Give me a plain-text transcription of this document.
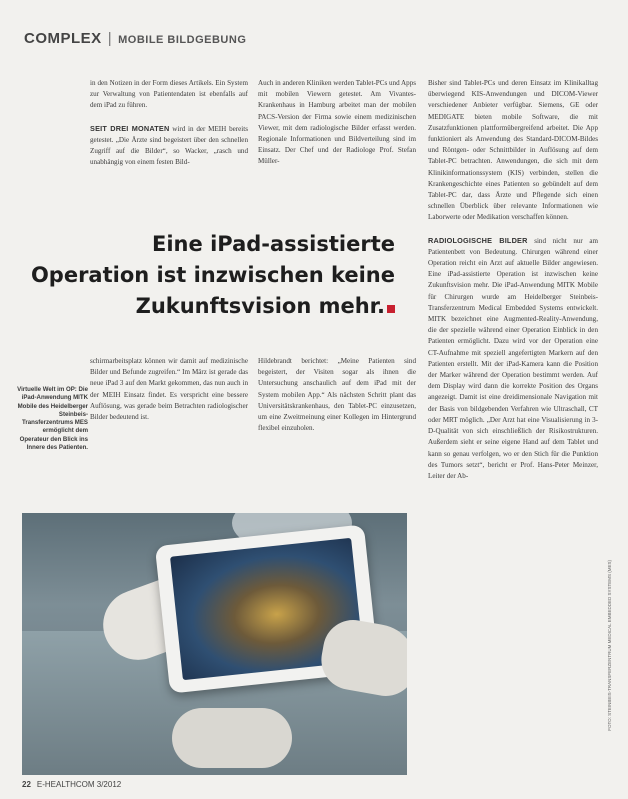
COMPLEX | MOBILE BILDGEBUNG

in den Notizen in der Form dieses Artikels. Ein System zur Verwaltung von Patientendaten ist ebenfalls auf dem iPad zu führen.

SEIT DREI MONATEN wird in der MEIH bereits getestet. „Die Ärzte sind begeistert über den schnellen Zugriff auf die Bilder“, so Wacker, „rasch und unabhängig von einem festen Bild-

Auch in anderen Kliniken werden Tablet-PCs und Apps mit mobilen Viewern getestet. Am Vivantes-Krankenhaus in Hamburg arbeitet man der mobilen PACS-Version der Firma sowie einem medizinischen Viewer, mit dem radiologische Bilder erfasst werden. Regionale Informationen und Bildverteilung sind im Einsatz. Der Chef und der Radiologe Prof. Stefan Müller-

Bisher sind Tablet-PCs und deren Einsatz im Klinikalltag überwiegend KIS-Anwendungen und DICOM-Viewer verschiedener Anbieter verfügbar. Siemens, GE oder MEDIGATE bieten mobile Software, die mit Zusatzfunktionen plattformübergreifend arbeitet. Die App funktioniert als Anwendung des Standard-DICOM-Bildes und Röntgen- oder Schnittbilder in Auflösung auf dem Tablet-PC betrachten. Anwendungen, die sich mit dem Klinikinformationssystem (KIS) verbinden, stellen die Krankengeschichte eines Patienten so gebündelt auf dem Tablet-PC dar, dass Ärzte und Pflegende sich einen schnellen Überblick über relevante Informationen wie Laborwerte oder Medikation verschaffen können.

RADIOLOGISCHE BILDER sind nicht nur am Patientenbett von Bedeutung. Chirurgen während einer Operation reicht ein Arzt auf aktuelle Bilder angewiesen. Eine iPad-assistierte Operation ist inzwischen keine Zukunftsvision mehr. Die iPad-Anwendung MITK Mobile für Chirurgen wurde am Heidelberger Steinbeis-Transferzentrum Medical Embedded Systems entwickelt. MITK bezeichnet eine Augmented-Reality-Anwendung, die der spezielle während einer Operation Einblick in den Patienten ermöglicht. Dazu wird vor der Operation eine CT-Aufnahme mit speziell angefertigten Markern auf den Patienten erstellt. Mit der iPad-Kamera kann die Position der Marker während der Operation bestimmt werden. Auf dem Display wird dann die korrekte Position des Organs angezeigt. Damit ist eine dreidimensionale Navigation mit der Basis von bildgebenden Verfahren wie Ultraschall, CT oder MRT möglich. „Der Arzt hat eine Visualisierung in 3-D-Qualität von sich einschließlich der Risikostrukturen. Außerdem sieht er seine eigene Hand auf dem Tablet und kann so genau verfolgen, wo er den Stich für die Punktion des Tumors setzt“, bericht er Prof. Hans-Peter Meinzer, Leiter der Ab-

Eine iPad-assistierte
Operation ist inzwischen keine
Zukunftsvision mehr.
Virtuelle Welt im OP: Die iPad-Anwendung MITK Mobile des Heidelberger Steinbeis-Transferzentrums MES ermöglicht dem Operateur den Blick ins Innere des Patienten.

schirmarbeitsplatz können wir damit auf medizinische Bilder und Befunde zugreifen.“ Im März ist gerade das neue iPad 3 auf den Markt gekommen, das nun auch in der MEIH Einsatz findet. Es verspricht eine bessere Auflösung, was gerade beim Betrachten radiologischer Bilder bedeutend ist.

Hildebrandt berichtet: „Meine Patienten sind begeistert, der Visiten sogar als ihnen die Untersuchung anschaulich auf dem iPad mit der System mobilen App.“ Als nächsten Schritt plant das Universitätskrankenhaus, den Tablet-PC einzusetzen, um eine Zweitmeinung einer Kollegen im Hintergrund flexibel einzuholen.

FOTO: STEINBEIS-TRANSFERZENTRUM MEDICAL EMBEDDED SYSTEMS (MES)
22 E-HEALTHCOM 3/2012
